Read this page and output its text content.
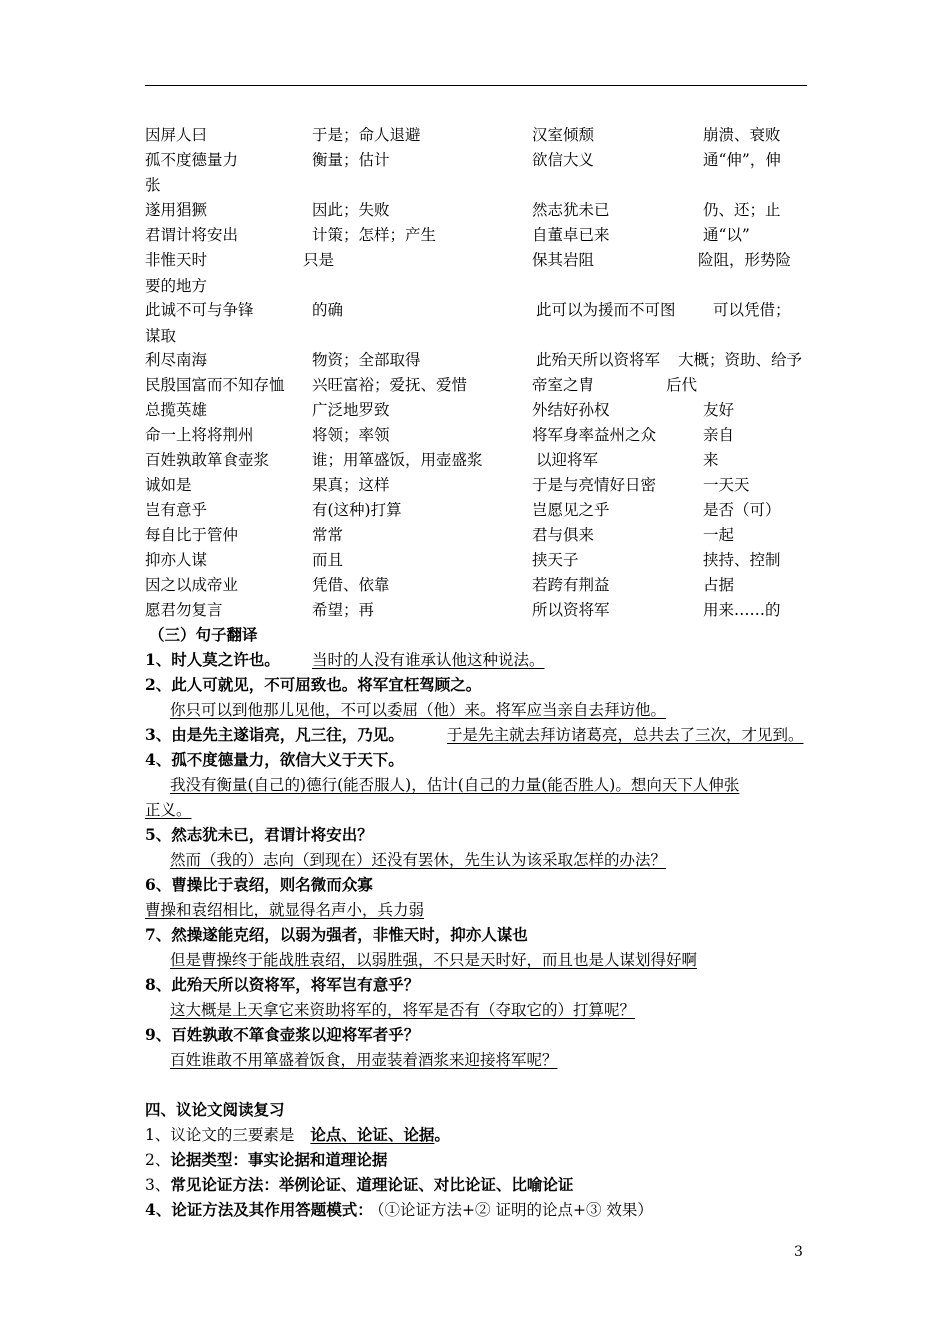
因屏人曰	于是；命人退避	汉室倾颓	崩溃、衰败
孤不度德量力	衡量；估计	欲信大义	通“伸”，伸
张
遂用猖獗	因此；失败	然志犹未已	仍、还；止
君谓计将安出	计策；怎样；产生	自董卓已来	通“以”
非惟天时	只是	保其岩阻	险阻，形势险
要的地方
此诚不可与争锋	的确	此可以为援而不可图 可以凭借；
谋取
利尽南海	物资；全部取得	此殆天所以资将军 大概；资助、给予
民殷国富而不知存恤 兴旺富裕；爱抚、爱惜	帝室之胄	后代
总揽英雄	广泛地罗致	外结好孙权	友好
命一上将将荆州	将领；率领	将军身率益州之众	亲自
百姓孰敢箪食壶浆	谁；用箪盛饭，用壶盛浆	以迎将军	来
诚如是	果真；这样	于是与亮情好日密	一天天
岂有意乎	有(这种)打算	岂愿见之乎	是否（可）
每自比于管仲	常常	君与俱来	一起
抑亦人谋	而且	挟天子	挟持、控制
因之以成帝业	凭借、依靠	若跨有荆益	占据
愿君勿复言	希望；再	所以资将军	用来……的
（三）句子翻译
1、时人莫之许也。 当时的人没有谁承认他这种说法。
2、此人可就见，不可屈致也。将军宜枉驾顾之。
你只可以到他那儿见他，不可以委屈（他）来。将军应当亲自去拜访他。
3、由是先主遂诣亮，凡三往，乃见。	于是先主就去拜访诸葛亮，总共去了三次，才见到。
4、孤不度德量力，欲信大义于天下。
我没有衡量(自己的)德行(能否服人)，估计(自己的力量(能否胜人)。想向天下人伸张
正义。
5、然志犹未已，君谓计将安出？
然而（我的）志向（到现在）还没有罢休，先生认为该采取怎样的办法？
6、曹操比于袁绍，则名微而众寡
曹操和袁绍相比，就显得名声小，兵力弱
7、然操遂能克绍，以弱为强者，非惟天时，抑亦人谋也
但是曹操终于能战胜袁绍，以弱胜强，不只是天时好，而且也是人谋划得好啊
8、此殆天所以资将军，将军岂有意乎？
这大概是上天拿它来资助将军的，将军是否有（夺取它的）打算呢？
9、百姓孰敢不箪食壶浆以迎将军者乎？
百姓谁敢不用箪盛着饭食，用壶装着酒浆来迎接将军呢？
四、议论文阅读复习
1、议论文的三要素是 论点、论证、论据。
2、论据类型：事实论据和道理论据
3、常见论证方法：举例论证、道理论证、对比论证、比喻论证
4、论证方法及其作用答题模式： （①论证方法+② 证明的论点+③ 效果）
3
